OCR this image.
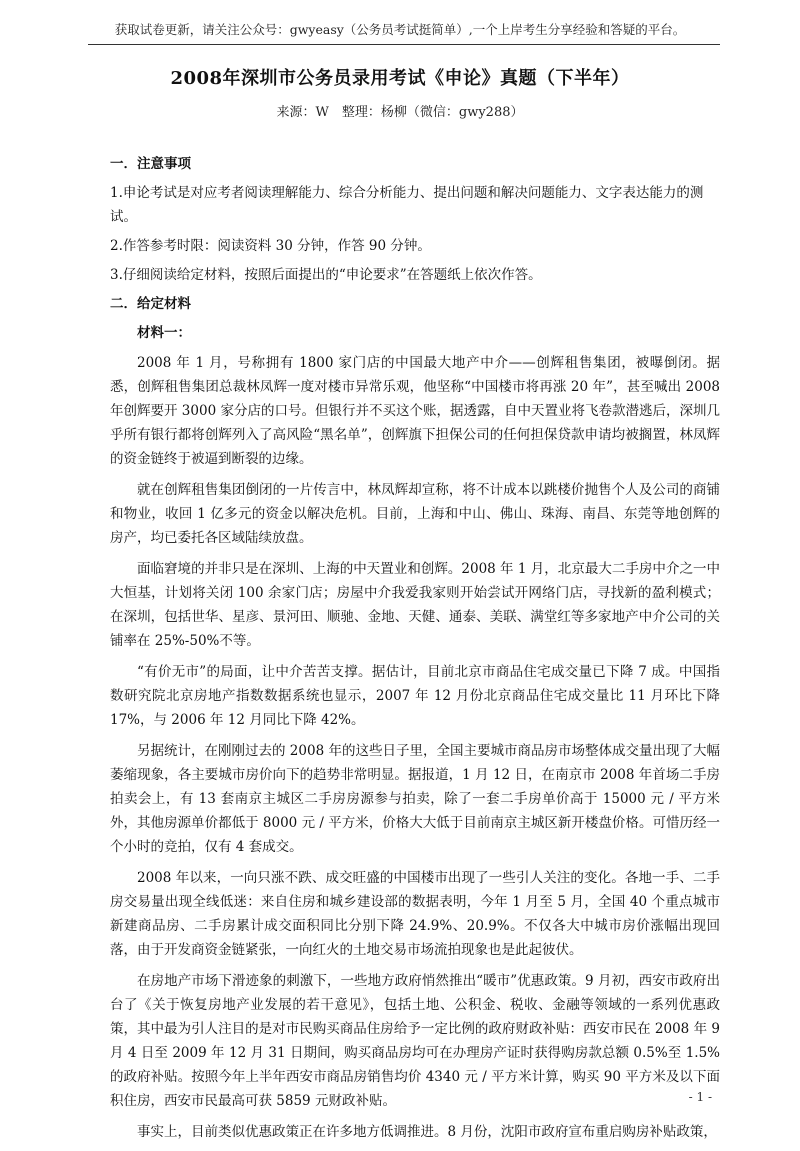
获取试卷更新，请关注公众号：gwyeasy（公务员考试挺简单）,一个上岸考生分享经验和答疑的平台。
2008年深圳市公务员录用考试《申论》真题（下半年）
来源：W　整理：杨柳（微信：gwy288）
一．注意事项

1.申论考试是对应考者阅读理解能力、综合分析能力、提出问题和解决问题能力、文字表达能力的测试。

2.作答参考时限：阅读资料 30 分钟，作答 90 分钟。

3.仔细阅读给定材料，按照后面提出的“申论要求”在答题纸上依次作答。

二．给定材料
材料一：

2008 年 1 月，号称拥有 1800 家门店的中国最大地产中介——创辉租售集团，被曝倒闭。据悉，创辉租售集团总裁林凤辉一度对楼市异常乐观，他坚称“中国楼市将再涨 20 年”，甚至喊出 2008 年创辉要开 3000 家分店的口号。但银行并不买这个账，据透露，自中天置业将飞卷款潜逃后，深圳几乎所有银行都将创辉列入了高风险“黑名单”，创辉旗下担保公司的任何担保贷款申请均被搁置，林凤辉的资金链终于被逼到断裂的边缘。

就在创辉租售集团倒闭的一片传言中，林凤辉却宣称，将不计成本以跳楼价抛售个人及公司的商铺和物业，收回 1 亿多元的资金以解决危机。目前，上海和中山、佛山、珠海、南昌、东莞等地创辉的房产，均已委托各区域陆续放盘。

面临窘境的并非只是在深圳、上海的中天置业和创辉。2008 年 1 月，北京最大二手房中介之一中大恒基，计划将关闭 100 余家门店；房屋中介我爱我家则开始尝试开网络门店，寻找新的盈利模式；在深圳，包括世华、星彦、景河田、顺驰、金地、天健、通泰、美联、满堂红等多家地产中介公司的关铺率在 25%-50%不等。

“有价无市”的局面，让中介苦苦支撑。据估计，目前北京市商品住宅成交量已下降 7 成。中国指数研究院北京房地产指数数据系统也显示，2007 年 12 月份北京商品住宅成交量比 11 月环比下降 17%，与 2006 年 12 月同比下降 42%。

另据统计，在刚刚过去的 2008 年的这些日子里，全国主要城市商品房市场整体成交量出现了大幅萎缩现象，各主要城市房价向下的趋势非常明显。据报道，1 月 12 日，在南京市 2008 年首场二手房拍卖会上，有 13 套南京主城区二手房房源参与拍卖，除了一套二手房单价高于 15000 元 / 平方米外，其他房源单价都低于 8000 元 / 平方米，价格大大低于目前南京主城区新开楼盘价格。可惜历经一个小时的竞拍，仅有 4 套成交。

2008 年以来，一向只涨不跌、成交旺盛的中国楼市出现了一些引人关注的变化。各地一手、二手房交易量出现全线低迷：来自住房和城乡建设部的数据表明，今年 1 月至 5 月，全国 40 个重点城市新建商品房、二手房累计成交面积同比分别下降 24.9%、20.9%。不仅各大中城市房价涨幅出现回落，由于开发商资金链紧张，一向红火的土地交易市场流拍现象也是此起彼伏。

在房地产市场下滑迹象的刺激下，一些地方政府悄然推出“暖市”优惠政策。9 月初，西安市政府出台了《关于恢复房地产业发展的若干意见》，包括土地、公积金、税收、金融等领域的一系列优惠政策，其中最为引人注目的是对市民购买商品住房给予一定比例的政府财政补贴：西安市民在 2008 年 9 月 4 日至 2009 年 12 月 31 日期间，购买商品房均可在办理房产证时获得购房款总额 0.5%至 1.5%的政府补贴。按照今年上半年西安市商品房销售均价 4340 元 / 平方米计算，购买 90 平方米及以下面积住房，西安市民最高可获 5859 元财政补贴。

事实上，目前类似优惠政策正在许多地方低调推进。8 月份，沈阳市政府宣布重启购房补贴政策，

- 1 -
